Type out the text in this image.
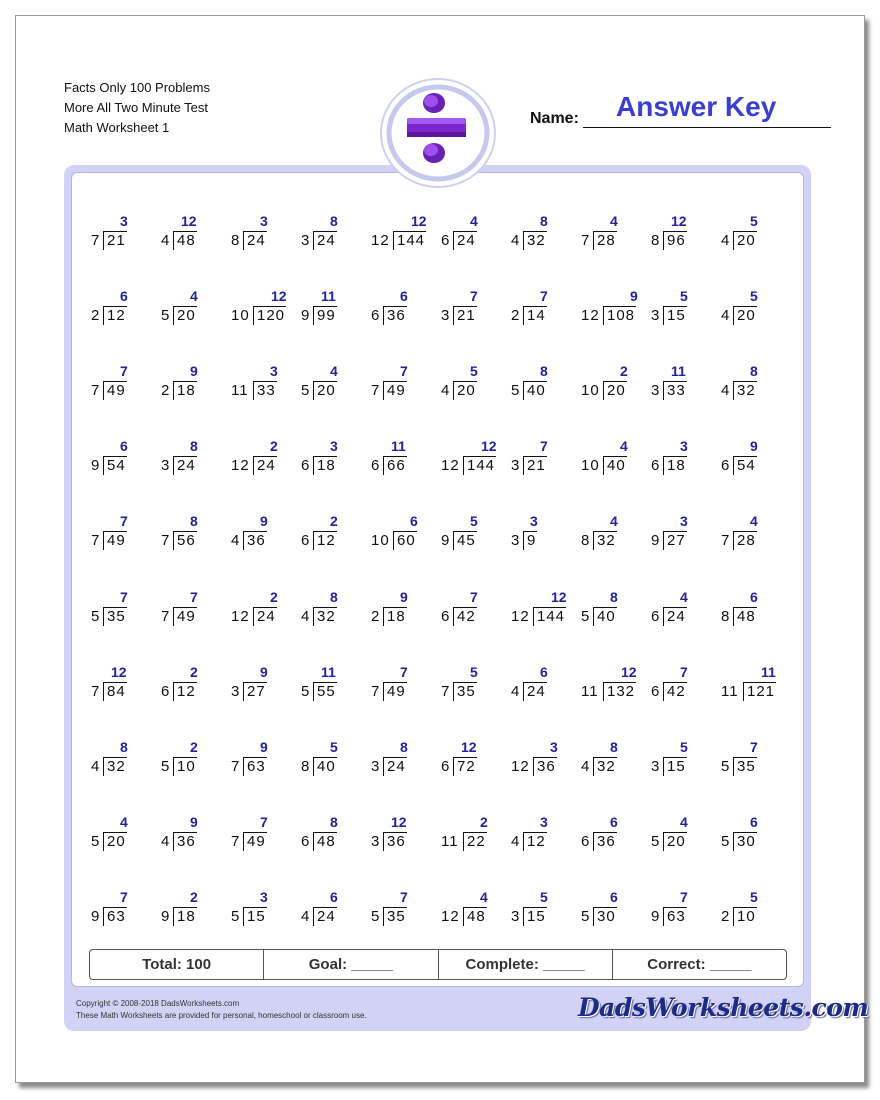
Facts Only 100 Problems
More All Two Minute Test
Math Worksheet 1
Name: Answer Key
7 21
3
4 48
12
8 24
3
3 24
8
12 144
12
6 24
4
4 32
8
7 28
4
8 96
12
4 20
5
2 12
6
5 20
4
10 120
12
9 99
11
6 36
6
3 21
7
2 14
7
12 108
9
3 15
5
4 20
5
7 49
7
2 18
9
11 33
3
5 20
4
7 49
7
4 20
5
5 40
8
10 20
2
3 33
11
4 32
8
9 54
6
3 24
8
12 24
2
6 18
3
6 66
11
12 144
12
3 21
7
10 40
4
6 18
3
6 54
9
7 49
7
7 56
8
4 36
9
6 12
2
10 60
6
9 45
5
3 9
3
8 32
4
9 27
3
7 28
4
5 35
7
7 49
7
12 24
2
4 32
8
2 18
9
6 42
7
12 144
12
5 40
8
6 24
4
8 48
6
7 84
12
6 12
2
3 27
9
5 55
11
7 49
7
7 35
5
4 24
6
11 132
12
6 42
7
11 121
11
4 32
8
5 10
2
7 63
9
8 40
5
3 24
8
6 72
12
12 36
3
4 32
8
3 15
5
5 35
7
5 20
4
4 36
9
7 49
7
6 48
8
3 36
12
11 22
2
4 12
3
6 36
6
5 20
4
5 30
6
9 63
7
9 18
2
5 15
3
4 24
6
5 35
7
12 48
4
3 15
5
5 30
6
9 63
7
2 10
5
Total: 100	Goal: _____	Complete: _____	Correct: _____
Copyright © 2008-2018 DadsWorksheets.com
These Math Worksheets are provided for personal, homeschool or classroom use.	DadsWorksheets.com
